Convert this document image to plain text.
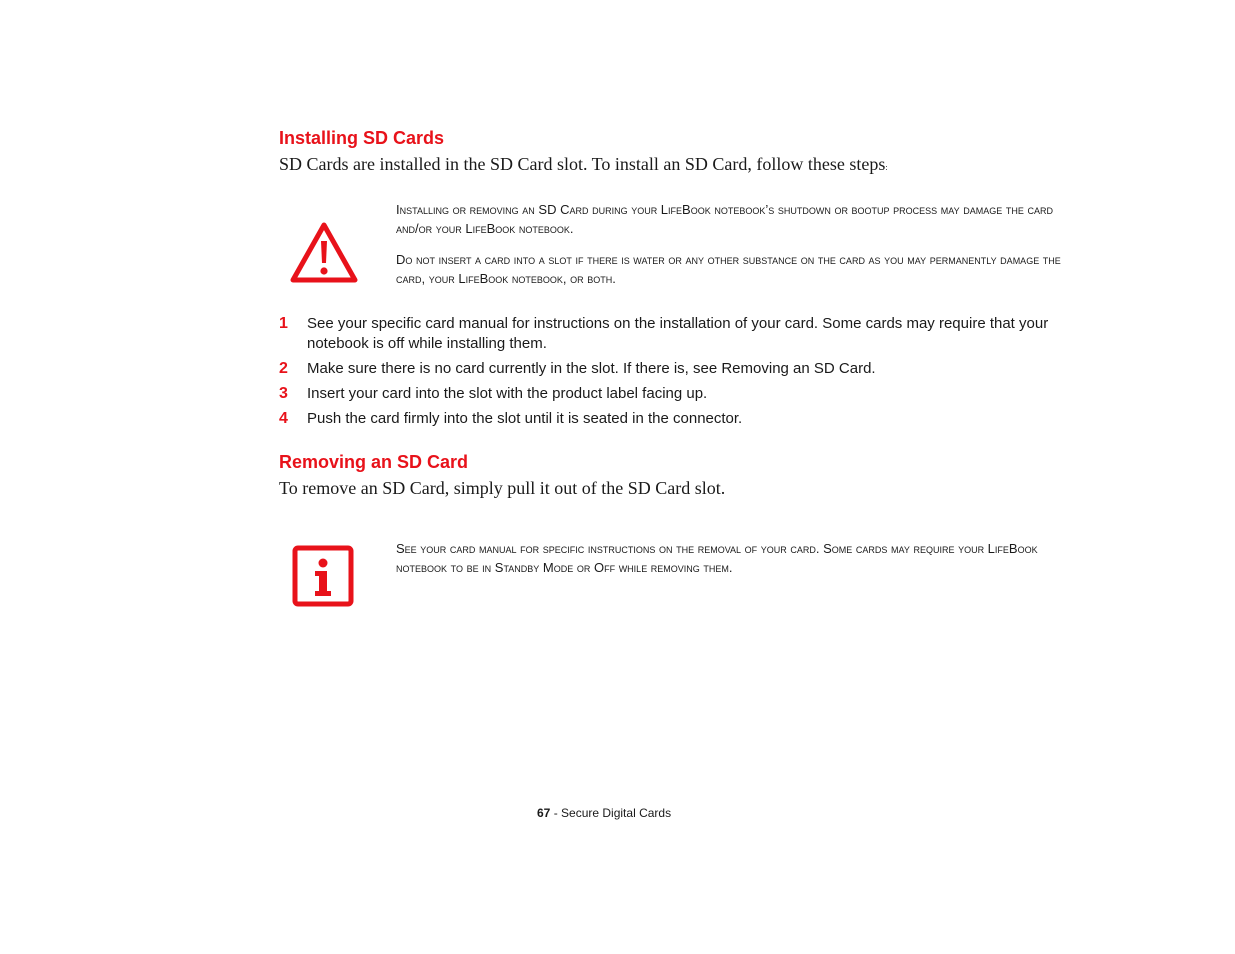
Installing SD Cards

SD Cards are installed in the SD Card slot. To install an SD Card, follow these steps:

Installing or removing an SD Card during your LifeBook notebook’s shutdown or bootup process may damage the card and/or your LifeBook notebook.

Do not insert a card into a slot if there is water or any other substance on the card as you may permanently damage the card, your LifeBook notebook, or both.

1 See your specific card manual for instructions on the installation of your card. Some cards may require that your notebook is off while installing them.
2 Make sure there is no card currently in the slot. If there is, see Removing an SD Card.
3 Insert your card into the slot with the product label facing up.
4 Push the card firmly into the slot until it is seated in the connector.
Removing an SD Card

To remove an SD Card, simply pull it out of the SD Card slot.

See your card manual for specific instructions on the removal of your card. Some cards may require your LifeBook notebook to be in Standby Mode or Off while removing them.

67 - Secure Digital Cards
